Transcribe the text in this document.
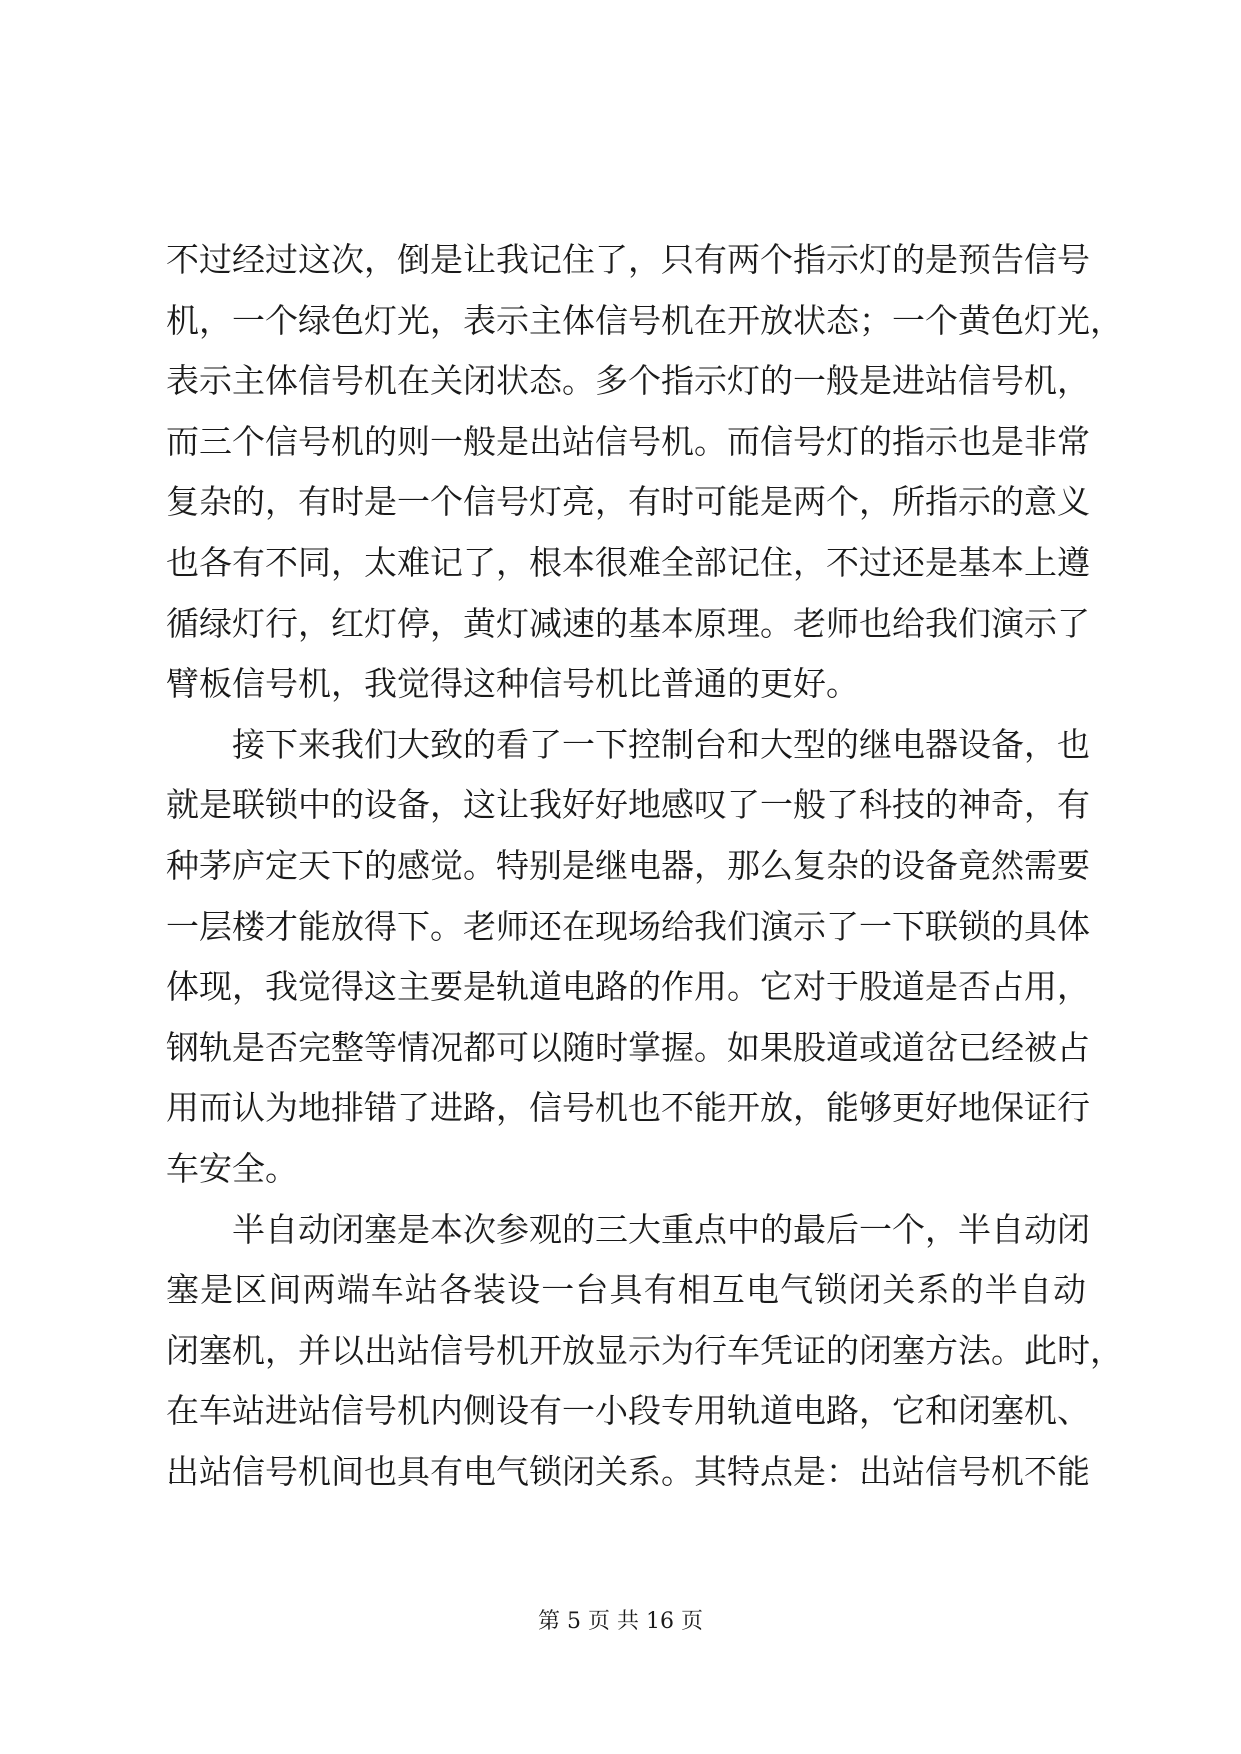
不过经过这次，倒是让我记住了，只有两个指示灯的是预告信号
机，一个绿色灯光，表示主体信号机在开放状态；一个黄色灯光，
表示主体信号机在关闭状态。多个指示灯的一般是进站信号机，
而三个信号机的则一般是出站信号机。而信号灯的指示也是非常
复杂的，有时是一个信号灯亮，有时可能是两个，所指示的意义
也各有不同，太难记了，根本很难全部记住，不过还是基本上遵
循绿灯行，红灯停，黄灯减速的基本原理。老师也给我们演示了
臂板信号机，我觉得这种信号机比普通的更好。
接下来我们大致的看了一下控制台和大型的继电器设备，也
就是联锁中的设备，这让我好好地感叹了一般了科技的神奇，有
种茅庐定天下的感觉。特别是继电器，那么复杂的设备竟然需要
一层楼才能放得下。老师还在现场给我们演示了一下联锁的具体
体现，我觉得这主要是轨道电路的作用。它对于股道是否占用，
钢轨是否完整等情况都可以随时掌握。如果股道或道岔已经被占
用而认为地排错了进路，信号机也不能开放，能够更好地保证行
车安全。
半自动闭塞是本次参观的三大重点中的最后一个，半自动闭
塞是区间两端车站各装设一台具有相互电气锁闭关系的半自动
闭塞机，并以出站信号机开放显示为行车凭证的闭塞方法。此时，
在车站进站信号机内侧设有一小段专用轨道电路，它和闭塞机、
出站信号机间也具有电气锁闭关系。其特点是：出站信号机不能
第 5 页 共 16 页
